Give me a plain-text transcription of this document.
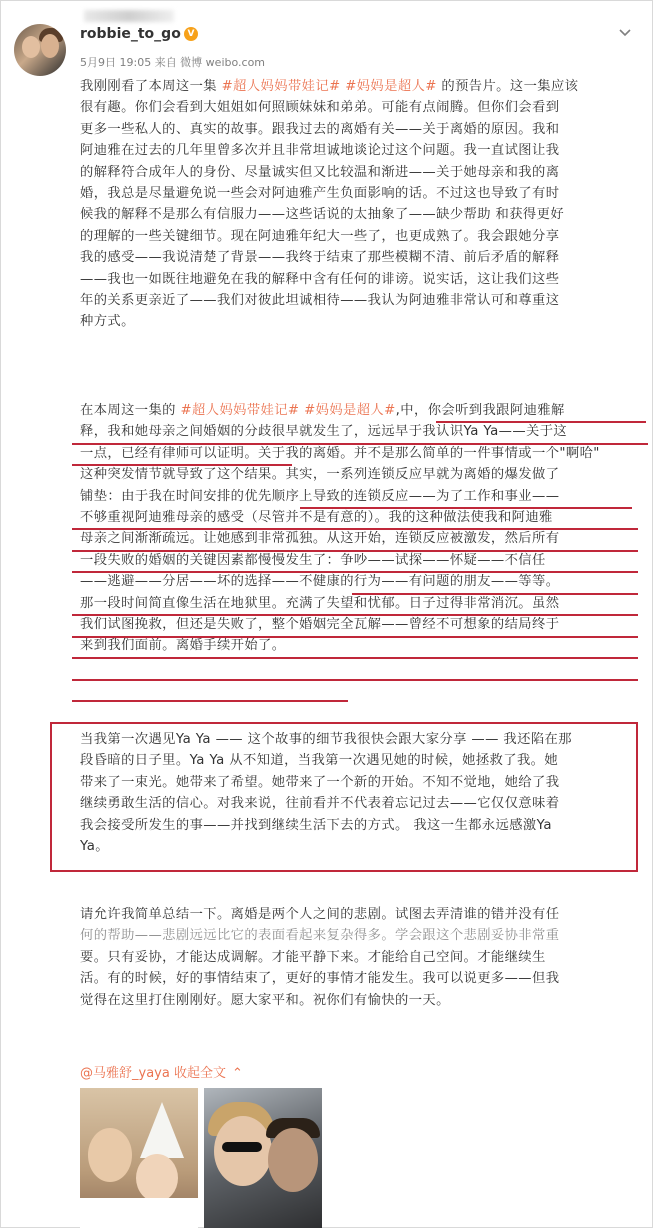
robbie_to_go V
5月9日 19:05 来自 微博 weibo.com

我刚刚看了本周这一集 #超人妈妈带娃记# #妈妈是超人# 的预告片。这一集应该

很有趣。你们会看到大姐姐如何照顾妹妹和弟弟。可能有点闹腾。但你们会看到

更多一些私人的、真实的故事。跟我过去的离婚有关——关于离婚的原因。我和

阿迪雅在过去的几年里曾多次并且非常坦诚地谈论过这个问题。我一直试图让我

的解释符合成年人的身份、尽量诚实但又比较温和渐进——关于她母亲和我的离

婚，我总是尽量避免说一些会对阿迪雅产生负面影响的话。不过这也导致了有时

候我的解释不是那么有信服力——这些话说的太抽象了——缺少帮助 和获得更好

的理解的一些关键细节。现在阿迪雅年纪大一些了，也更成熟了。我会跟她分享

我的感受——我说清楚了背景——我终于结束了那些模糊不清、前后矛盾的解释

——我也一如既往地避免在我的解释中含有任何的诽谤。说实话，这让我们这些

年的关系更亲近了——我们对彼此坦诚相待——我认为阿迪雅非常认可和尊重这

种方式。

在本周这一集的 #超人妈妈带娃记# #妈妈是超人#,中，你会听到我跟阿迪雅解

释，我和她母亲之间婚姻的分歧很早就发生了，远远早于我认识Ya Ya——关于这

一点，已经有律师可以证明。关于我的离婚。并不是那么简单的一件事情或一个"啊哈"

这种突发情节就导致了这个结果。其实，一系列连锁反应早就为离婚的爆发做了

铺垫：由于我在时间安排的优先顺序上导致的连锁反应——为了工作和事业——

不够重视阿迪雅母亲的感受（尽管并不是有意的）。我的这种做法使我和阿迪雅

母亲之间渐渐疏远。让她感到非常孤独。从这开始，连锁反应被激发，然后所有

一段失败的婚姻的关键因素都慢慢发生了：争吵——试探——怀疑——不信任

——逃避——分居——坏的选择——不健康的行为——有问题的朋友——等等。

那一段时间简直像生活在地狱里。充满了失望和忧郁。日子过得非常消沉。虽然

我们试图挽救，但还是失败了，整个婚姻完全瓦解——曾经不可想象的结局终于

来到我们面前。离婚手续开始了。

当我第一次遇见Ya Ya —— 这个故事的细节我很快会跟大家分享 —— 我还陷在那

段昏暗的日子里。Ya Ya 从不知道，当我第一次遇见她的时候，她拯救了我。她

带来了一束光。她带来了希望。她带来了一个新的开始。不知不觉地，她给了我

继续勇敢生活的信心。对我来说，往前看并不代表着忘记过去——它仅仅意味着

我会接受所发生的事——并找到继续生活下去的方式。 我这一生都永远感激Ya

Ya。

请允许我简单总结一下。离婚是两个人之间的悲剧。试图去弄清谁的错并没有任

何的帮助——悲剧远远比它的表面看起来复杂得多。学会跟这个悲剧妥协非常重

要。只有妥协，才能达成调解。才能平静下来。才能给自己空间。才能继续生

活。有的时候，好的事情结束了，更好的事情才能发生。我可以说更多——但我

觉得在这里打住刚刚好。愿大家平和。祝你们有愉快的一天。

@马雅舒_yaya 收起全文 ⌃
